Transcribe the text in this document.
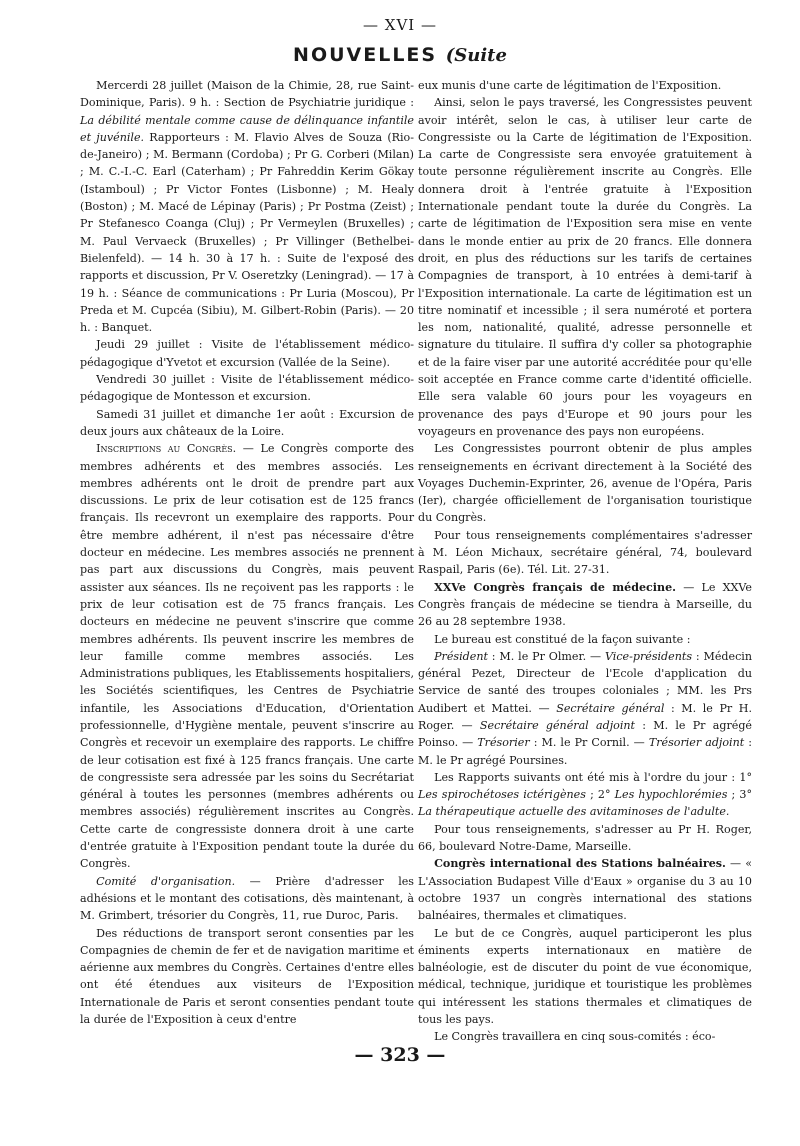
— XVI —
NOUVELLES (Suite

Mercerdi 28 juillet (Maison de la Chimie, 28, rue Saint-Dominique, Paris). 9 h. : Section de Psychiatrie juridique : La débilité mentale comme cause de délinquance infantile et juvénile. Rapporteurs : M. Flavio Alves de Souza (Rio-de-Janeiro) ; M. Bermann (Cordoba) ; Pr G. Corberi (Milan) ; M. C.-I.-C. Earl (Caterham) ; Pr Fahreddin Kerim Gökay (Istamboul) ; Pr Victor Fontes (Lisbonne) ; M. Healy (Boston) ; M. Macé de Lépinay (Paris) ; Pr Postma (Zeist) ; Pr Stefanesco Coanga (Cluj) ; Pr Vermeylen (Bruxelles) ; M. Paul Vervaeck (Bruxelles) ; Pr Villinger (Bethelbei-Bielenfeld). — 14 h. 30 à 17 h. : Suite de l'exposé des rapports et discussion, Pr V. Oseretzky (Leningrad). — 17 à 19 h. : Séance de communications : Pr Luria (Moscou), Pr Preda et M. Cupcéa (Sibiu), M. Gilbert-Robin (Paris). — 20 h. : Banquet.

Jeudi 29 juillet : Visite de l'établissement médico-pédagogique d'Yvetot et excursion (Vallée de la Seine).

Vendredi 30 juillet : Visite de l'établissement médico-pédagogique de Montesson et excursion.

Samedi 31 juillet et dimanche 1er août : Excursion de deux jours aux châteaux de la Loire.

Inscriptions au Congrès. — Le Congrès comporte des membres adhérents et des membres associés. Les membres adhérents ont le droit de prendre part aux discussions. Le prix de leur cotisation est de 125 francs français. Ils recevront un exemplaire des rapports. Pour être membre adhérent, il n'est pas nécessaire d'être docteur en médecine. Les membres associés ne prennent pas part aux discussions du Congrès, mais peuvent assister aux séances. Ils ne reçoivent pas les rapports : le prix de leur cotisation est de 75 francs français. Les docteurs en médecine ne peuvent s'inscrire que comme membres adhérents. Ils peuvent inscrire les membres de leur famille comme membres associés. Les Administrations publiques, les Etablissements hospitaliers, les Sociétés scientifiques, les Centres de Psychiatrie infantile, les Associations d'Education, d'Orientation professionnelle, d'Hygiène mentale, peuvent s'inscrire au Congrès et recevoir un exemplaire des rapports. Le chiffre de leur cotisation est fixé à 125 francs français. Une carte de congressiste sera adressée par les soins du Secrétariat général à toutes les personnes (membres adhérents ou membres associés) régulièrement inscrites au Congrès. Cette carte de congressiste donnera droit à une carte d'entrée gratuite à l'Exposition pendant toute la durée du Congrès.

Comité d'organisation. — Prière d'adresser les adhésions et le montant des cotisations, dès maintenant, à M. Grimbert, trésorier du Congrès, 11, rue Duroc, Paris.

Des réductions de transport seront consenties par les Compagnies de chemin de fer et de navigation maritime et aérienne aux membres du Congrès. Certaines d'entre elles ont été étendues aux visiteurs de l'Exposition Internationale de Paris et seront consenties pendant toute la durée de l'Exposition à ceux d'entre

eux munis d'une carte de légitimation de l'Exposition.

Ainsi, selon le pays traversé, les Congressistes peuvent avoir intérêt, selon le cas, à utiliser leur carte de Congressiste ou la Carte de légitimation de l'Exposition. La carte de Congressiste sera envoyée gratuitement à toute personne régulièrement inscrite au Congrès. Elle donnera droit à l'entrée gratuite à l'Exposition Internationale pendant toute la durée du Congrès. La carte de légitimation de l'Exposition sera mise en vente dans le monde entier au prix de 20 francs. Elle donnera droit, en plus des réductions sur les tarifs de certaines Compagnies de transport, à 10 entrées à demi-tarif à l'Exposition internationale. La carte de légitimation est un titre nominatif et incessible ; il sera numéroté et portera les nom, nationalité, qualité, adresse personnelle et signature du titulaire. Il suffira d'y coller sa photographie et de la faire viser par une autorité accréditée pour qu'elle soit acceptée en France comme carte d'identité officielle. Elle sera valable 60 jours pour les voyageurs en provenance des pays d'Europe et 90 jours pour les voyageurs en provenance des pays non européens.

Les Congressistes pourront obtenir de plus amples renseignements en écrivant directement à la Société des Voyages Duchemin-Exprinter, 26, avenue de l'Opéra, Paris (Ier), chargée officiellement de l'organisation touristique du Congrès.

Pour tous renseignements complémentaires s'adresser à M. Léon Michaux, secrétaire général, 74, boulevard Raspail, Paris (6e). Tél. Lit. 27-31.

XXVe Congrès français de médecine. — Le XXVe Congrès français de médecine se tiendra à Marseille, du 26 au 28 septembre 1938.

Le bureau est constitué de la façon suivante :

Président : M. le Pr Olmer. — Vice-présidents : Médecin général Pezet, Directeur de l'Ecole d'application du Service de santé des troupes coloniales ; MM. les Prs Audibert et Mattei. — Secrétaire général : M. le Pr H. Roger. — Secrétaire général adjoint : M. le Pr agrégé Poinso. — Trésorier : M. le Pr Cornil. — Trésorier adjoint : M. le Pr agrégé Poursines.

Les Rapports suivants ont été mis à l'ordre du jour : 1° Les spirochétoses ictérigènes ; 2° Les hypochlorémies ; 3° La thérapeutique actuelle des avitaminoses de l'adulte.

Pour tous renseignements, s'adresser au Pr H. Roger, 66, boulevard Notre-Dame, Marseille.

Congrès international des Stations balnéaires. — « L'Association Budapest Ville d'Eaux » organise du 3 au 10 octobre 1937 un congrès international des stations balnéaires, thermales et climatiques.

Le but de ce Congrès, auquel participeront les plus éminents experts internationaux en matière de balnéologie, est de discuter du point de vue économique, médical, technique, juridique et touristique les problèmes qui intéressent les stations thermales et climatiques de tous les pays.

Le Congrès travaillera en cinq sous-comités : éco-

— 323 —
